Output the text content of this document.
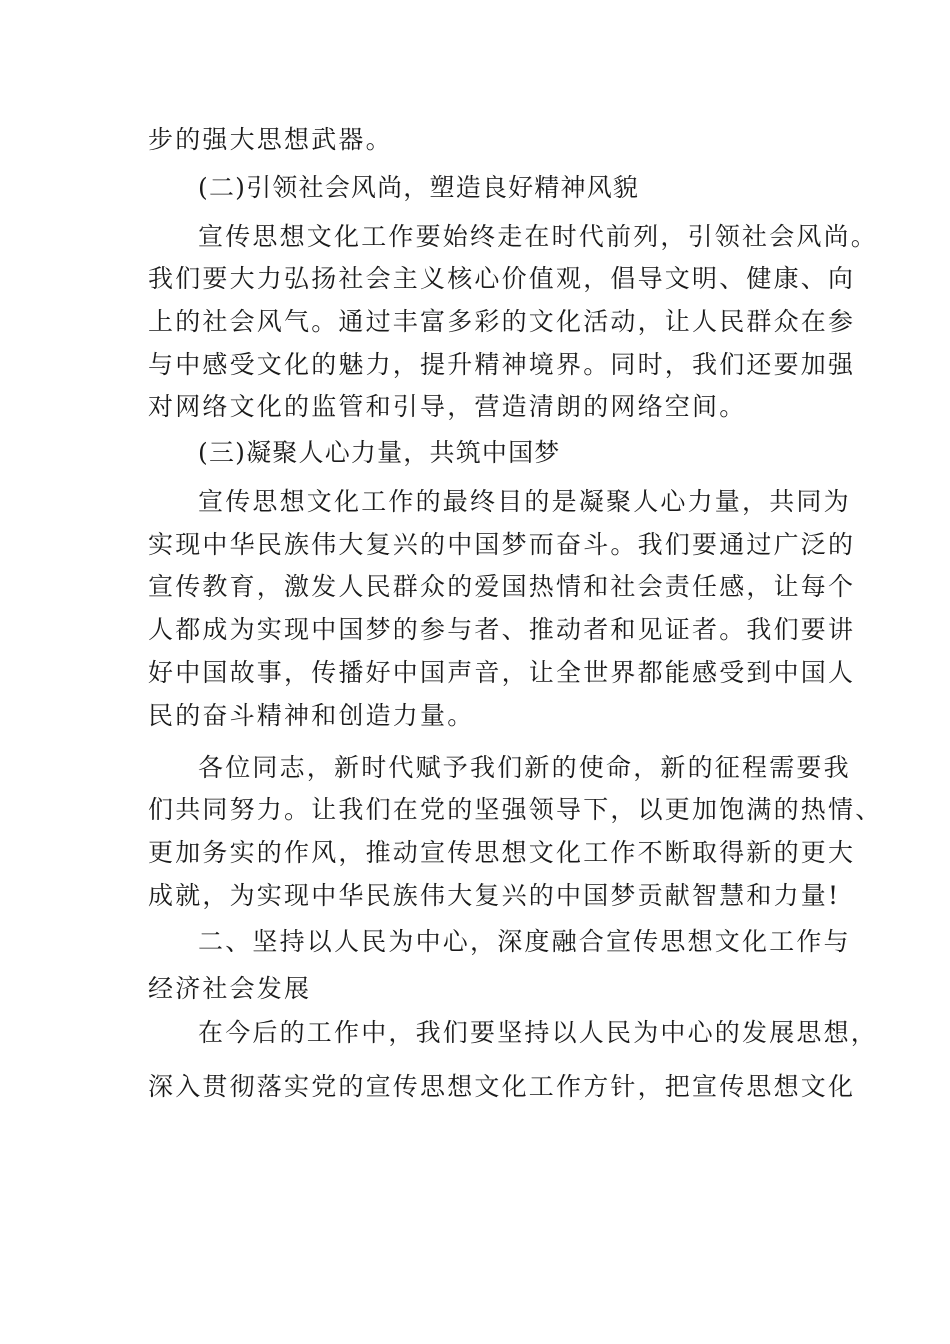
步的强大思想武器。

(二)引领社会风尚，塑造良好精神风貌

宣传思想文化工作要始终走在时代前列，引领社会风尚。

我们要大力弘扬社会主义核心价值观，倡导文明、健康、向

上的社会风气。通过丰富多彩的文化活动，让人民群众在参

与中感受文化的魅力，提升精神境界。同时，我们还要加强

对网络文化的监管和引导，营造清朗的网络空间。

(三)凝聚人心力量，共筑中国梦

宣传思想文化工作的最终目的是凝聚人心力量，共同为

实现中华民族伟大复兴的中国梦而奋斗。我们要通过广泛的

宣传教育，激发人民群众的爱国热情和社会责任感，让每个

人都成为实现中国梦的参与者、推动者和见证者。我们要讲

好中国故事，传播好中国声音，让全世界都能感受到中国人

民的奋斗精神和创造力量。

各位同志，新时代赋予我们新的使命，新的征程需要我

们共同努力。让我们在党的坚强领导下，以更加饱满的热情、

更加务实的作风，推动宣传思想文化工作不断取得新的更大

成就，为实现中华民族伟大复兴的中国梦贡献智慧和力量!

二、坚持以人民为中心，深度融合宣传思想文化工作与

经济社会发展

在今后的工作中，我们要坚持以人民为中心的发展思想，

深入贯彻落实党的宣传思想文化工作方针，把宣传思想文化
